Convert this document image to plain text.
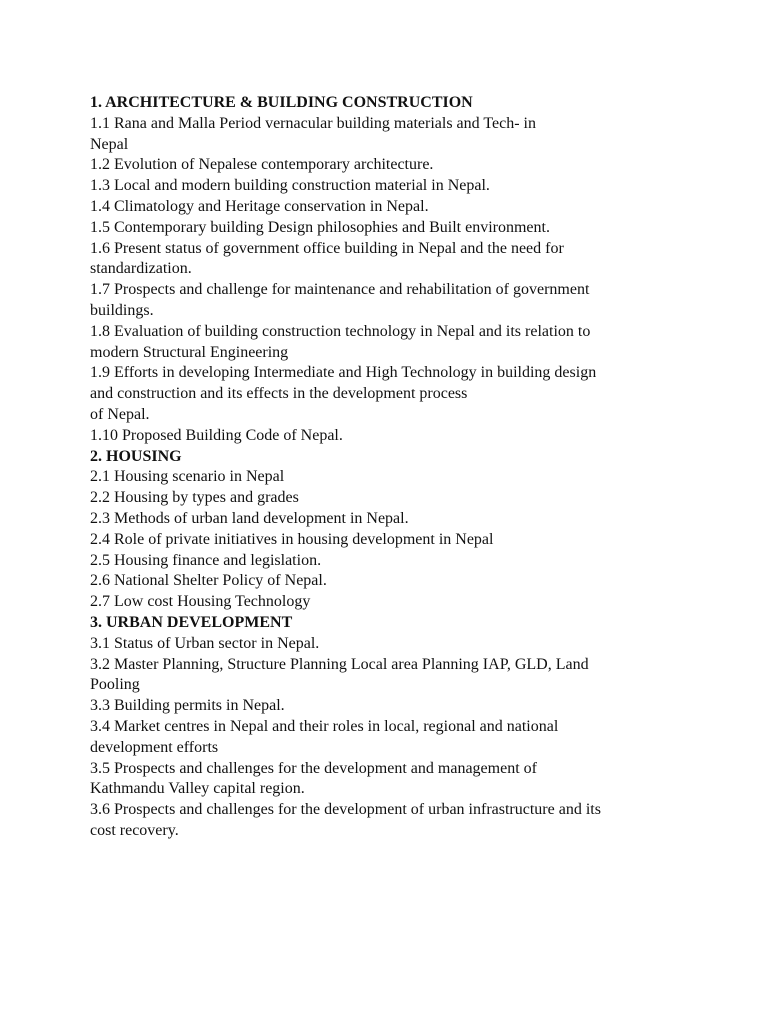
1. ARCHITECTURE & BUILDING CONSTRUCTION
1.1 Rana and Malla Period vernacular building materials and Tech- in
Nepal
1.2 Evolution of Nepalese contemporary architecture.
1.3 Local and modern building construction material in Nepal.
1.4 Climatology and Heritage conservation in Nepal.
1.5 Contemporary building Design philosophies and Built environment.
1.6 Present status of government office building in Nepal and the need for
standardization.
1.7 Prospects and challenge for maintenance and rehabilitation of government
buildings.
1.8 Evaluation of building construction technology in Nepal and its relation to
modern Structural Engineering
1.9 Efforts in developing Intermediate and High Technology in building design
and construction and its effects in the development process
of Nepal.
1.10 Proposed Building Code of Nepal.
2. HOUSING
2.1 Housing scenario in Nepal
2.2 Housing by types and grades
2.3 Methods of urban land development in Nepal.
2.4 Role of private initiatives in housing development in Nepal
2.5 Housing finance and legislation.
2.6 National Shelter Policy of Nepal.
2.7 Low cost Housing Technology
3. URBAN DEVELOPMENT
3.1 Status of Urban sector in Nepal.
3.2 Master Planning, Structure Planning Local area Planning IAP, GLD, Land
Pooling
3.3 Building permits in Nepal.
3.4 Market centres in Nepal and their roles in local, regional and national
development efforts
3.5 Prospects and challenges for the development and management of
Kathmandu Valley capital region.
3.6 Prospects and challenges for the development of urban infrastructure and its
cost recovery.
